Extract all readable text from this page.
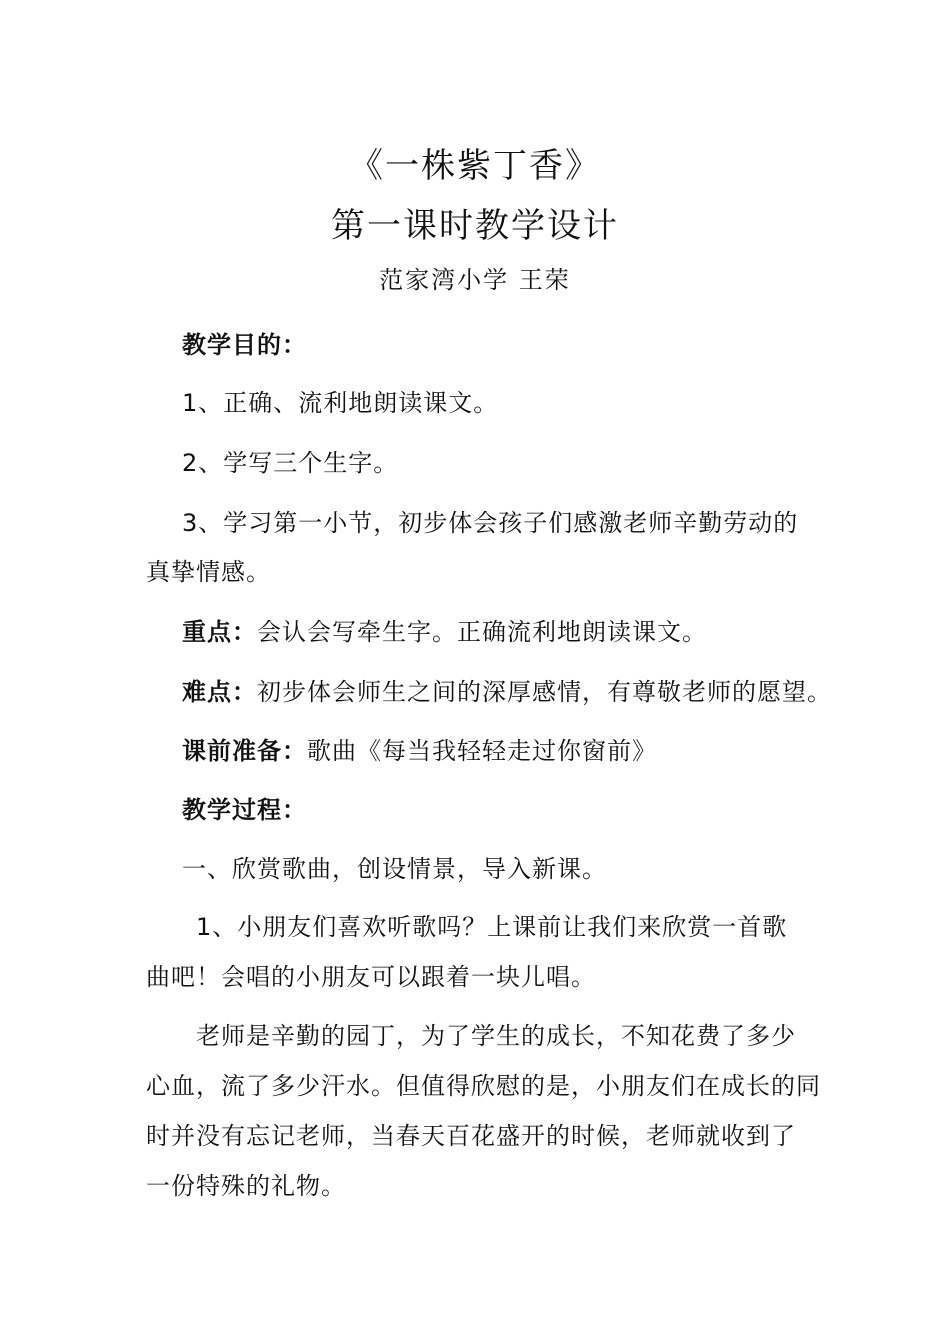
《一株紫丁香》
第一课时教学设计
范家湾小学 王荣
教学目的：
1、正确、流利地朗读课文。
2、学写三个生字。
3、学习第一小节，初步体会孩子们感激老师辛勤劳动的
真挚情感。
重点：会认会写牵生字。正确流利地朗读课文。
难点：初步体会师生之间的深厚感情，有尊敬老师的愿望。
课前准备：歌曲《每当我轻轻走过你窗前》
教学过程：
一、欣赏歌曲，创设情景，导入新课。
1、小朋友们喜欢听歌吗？上课前让我们来欣赏一首歌
曲吧！会唱的小朋友可以跟着一块儿唱。
老师是辛勤的园丁，为了学生的成长，不知花费了多少
心血，流了多少汗水。但值得欣慰的是，小朋友们在成长的同
时并没有忘记老师，当春天百花盛开的时候，老师就收到了
一份特殊的礼物。
